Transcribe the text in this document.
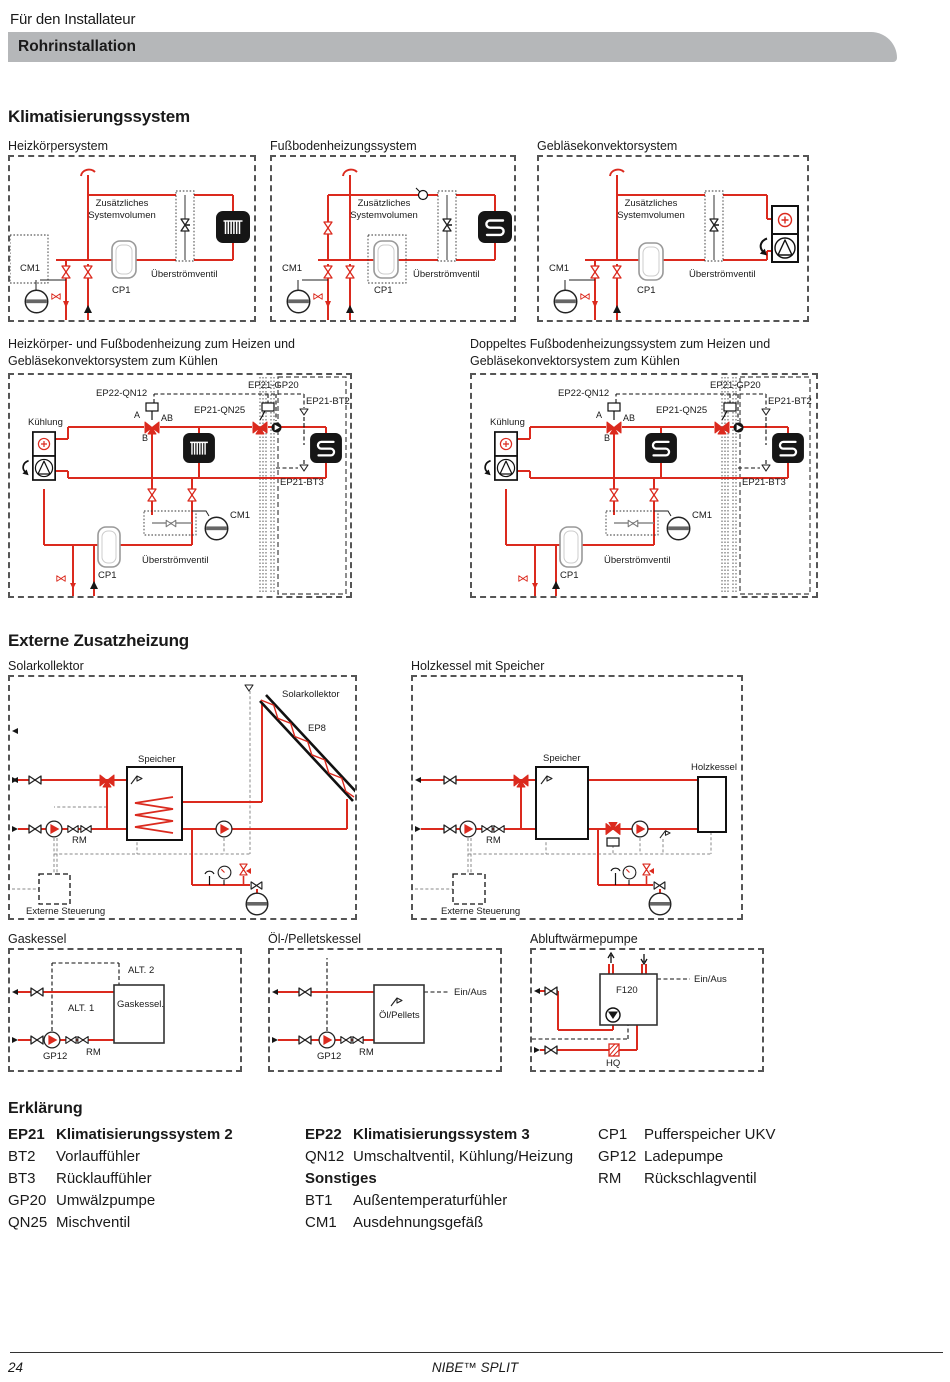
Für den Installateur
Rohrinstallation
Klimatisierungssystem
Externe Zusatzheizung
Heizkörpersystem
Zusätzliches
Systemvolumen
CM1
CP1
Überströmventil
Fußbodenheizungssystem
Zusätzliches
Systemvolumen
CM1
CP1
Überströmventil
Gebläsekonvektorsystem
Zusätzliches
Systemvolumen
CM1
CP1
Überströmventil
Heizkörper- und Fußbodenheizung zum Heizen und
Gebläsekonvektorsystem zum Kühlen
Kühlung
EP22-QN12
EP21-QN25
EP21-GP20
A AB
B
EP21-BT2
EP21-BT3
CM1
CP1
Überströmventil
Doppeltes Fußbodenheizungssystem zum Heizen und
Gebläsekonvektorsystem zum Kühlen
Kühlung
EP22-QN12
EP21-QN25
EP21-GP20
A AB
B
EP21-BT2
EP21-BT3
CM1
CP1
Überströmventil
Solarkollektor
Solarkollektor
EP8
Speicher
RM
Externe Steuerung
Holzkessel mit Speicher
Speicher
Holzkessel
RM
Externe Steuerung
Gaskessel
ALT. 2
ALT. 1 Gaskessel.
GP12 RM
Öl-/Pelletskessel
Ein/Aus
Öl/Pellets
GP12 RM
Abluftwärmepumpe
Ein/Aus
F120
HQ
Erklärung
EP21 Klimatisierungssystem 2
BT2	Vorlauffühler
BT3	Rücklauffühler
GP20 Umwälzpumpe
QN25 Mischventil
EP22 Klimatisierungssystem 3
QN12 Umschaltventil, Kühlung/Heizung
Sonstiges
BT1	Außentemperaturfühler
CM1	Ausdehnungsgefäß
CP1	Pufferspeicher UKV
GP12 Ladepumpe
RM	Rückschlagventil
24	NIBE™ SPLIT
